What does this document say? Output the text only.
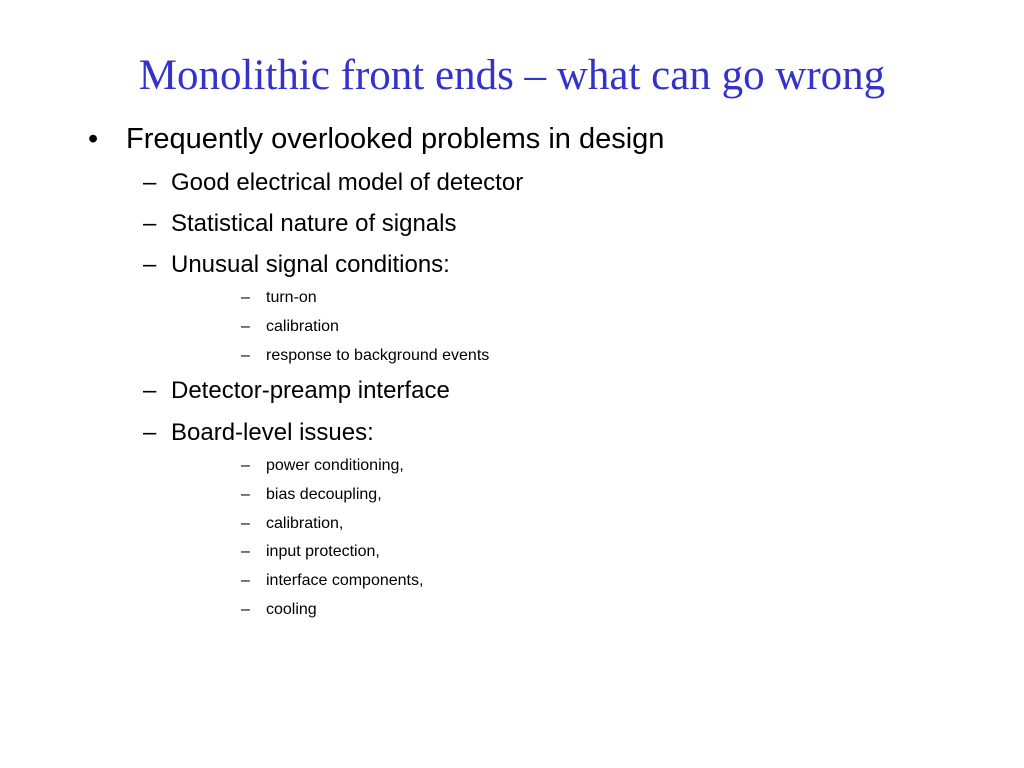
Monolithic front ends – what can go wrong
• Frequently overlooked problems in design
– Good electrical model of detector
– Statistical nature of signals
– Unusual signal conditions:
– turn-on
– calibration
– response to background events
– Detector-preamp interface
– Board-level issues:
– power conditioning,
– bias decoupling,
– calibration,
– input protection,
– interface components,
– cooling
